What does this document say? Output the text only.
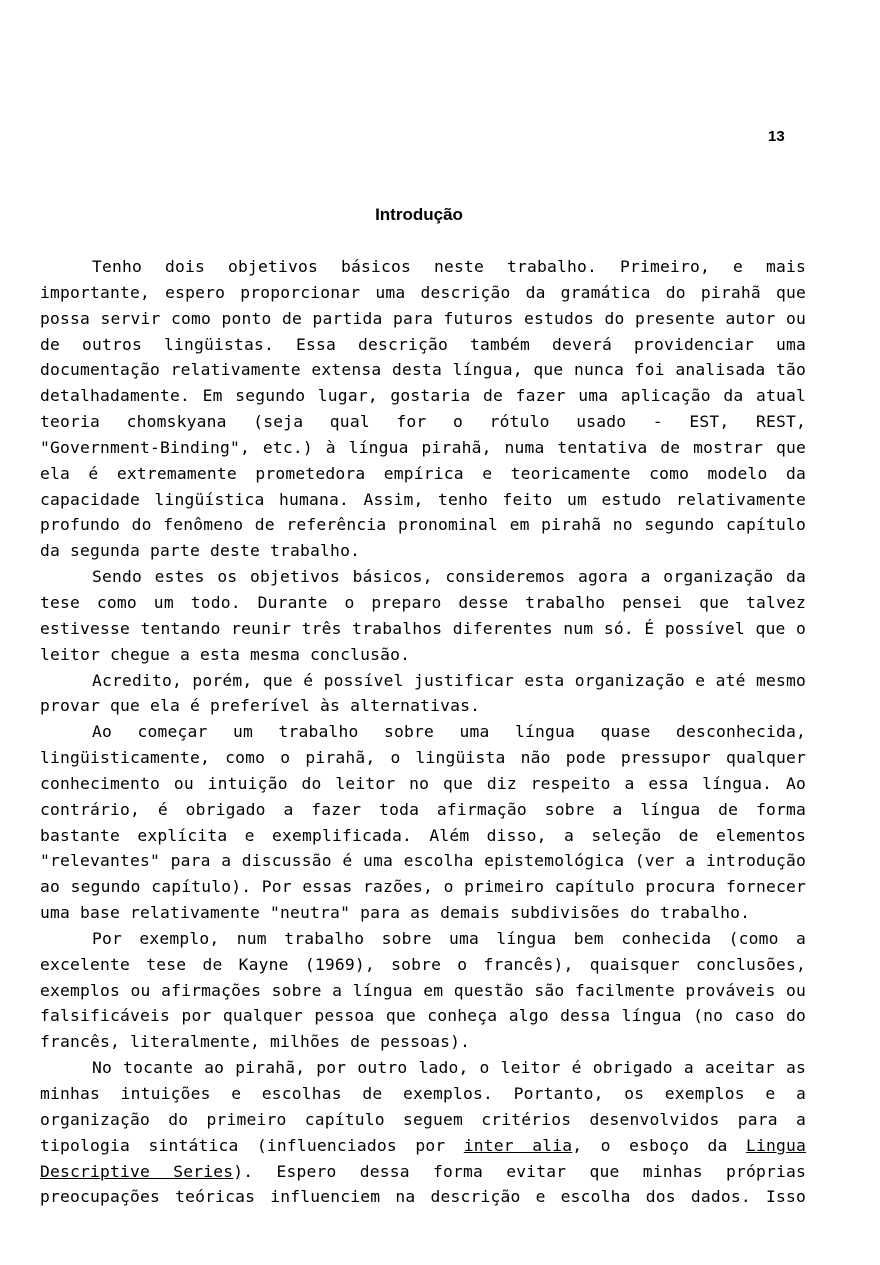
13
Introdução
Tenho dois objetivos básicos neste trabalho. Primeiro, e mais
importante, espero proporcionar uma descrição da gramática do pirahã que
possa servir como ponto de partida para futuros estudos do presente autor ou
de outros lingüistas. Essa descrição também deverá providenciar uma
documentação relativamente extensa desta língua, que nunca foi analisada tão
detalhadamente. Em segundo lugar, gostaria de fazer uma aplicação da atual
teoria chomskyana (seja qual for o rótulo usado - EST, REST,
"Government-Binding", etc.) à língua pirahã, numa tentativa de mostrar que
ela é extremamente prometedora empírica e teoricamente como modelo da
capacidade lingüística humana. Assim, tenho feito um estudo relativamente
profundo do fenômeno de referência pronominal em pirahã no segundo capítulo
da segunda parte deste trabalho.
Sendo estes os objetivos básicos, consideremos agora a organização da
tese como um todo. Durante o preparo desse trabalho pensei que talvez
estivesse tentando reunir três trabalhos diferentes num só. É possível que o
leitor chegue a esta mesma conclusão.
Acredito, porém, que é possível justificar esta organização e até mesmo
provar que ela é preferível às alternativas.
Ao começar um trabalho sobre uma língua quase desconhecida,
lingüisticamente, como o pirahã, o lingüista não pode pressupor qualquer
conhecimento ou intuição do leitor no que diz respeito a essa língua. Ao
contrário, é obrigado a fazer toda afirmação sobre a língua de forma
bastante explícita e exemplificada. Além disso, a seleção de elementos
"relevantes" para a discussão é uma escolha epistemológica (ver a introdução
ao segundo capítulo). Por essas razões, o primeiro capítulo procura fornecer
uma base relativamente "neutra" para as demais subdivisões do trabalho.
Por exemplo, num trabalho sobre uma língua bem conhecida (como a
excelente tese de Kayne (1969), sobre o francês), quaisquer conclusões,
exemplos ou afirmações sobre a língua em questão são facilmente prováveis ou
falsificáveis por qualquer pessoa que conheça algo dessa língua (no caso do
francês, literalmente, milhões de pessoas).
No tocante ao pirahã, por outro lado, o leitor é obrigado a aceitar as
minhas intuições e escolhas de exemplos. Portanto, os exemplos e a
organização do primeiro capítulo seguem critérios desenvolvidos para a
tipologia sintática (influenciados por inter alia, o esboço da Lingua
Descriptive Series). Espero dessa forma evitar que minhas próprias
preocupações teóricas influenciem na descrição e escolha dos dados. Isso
